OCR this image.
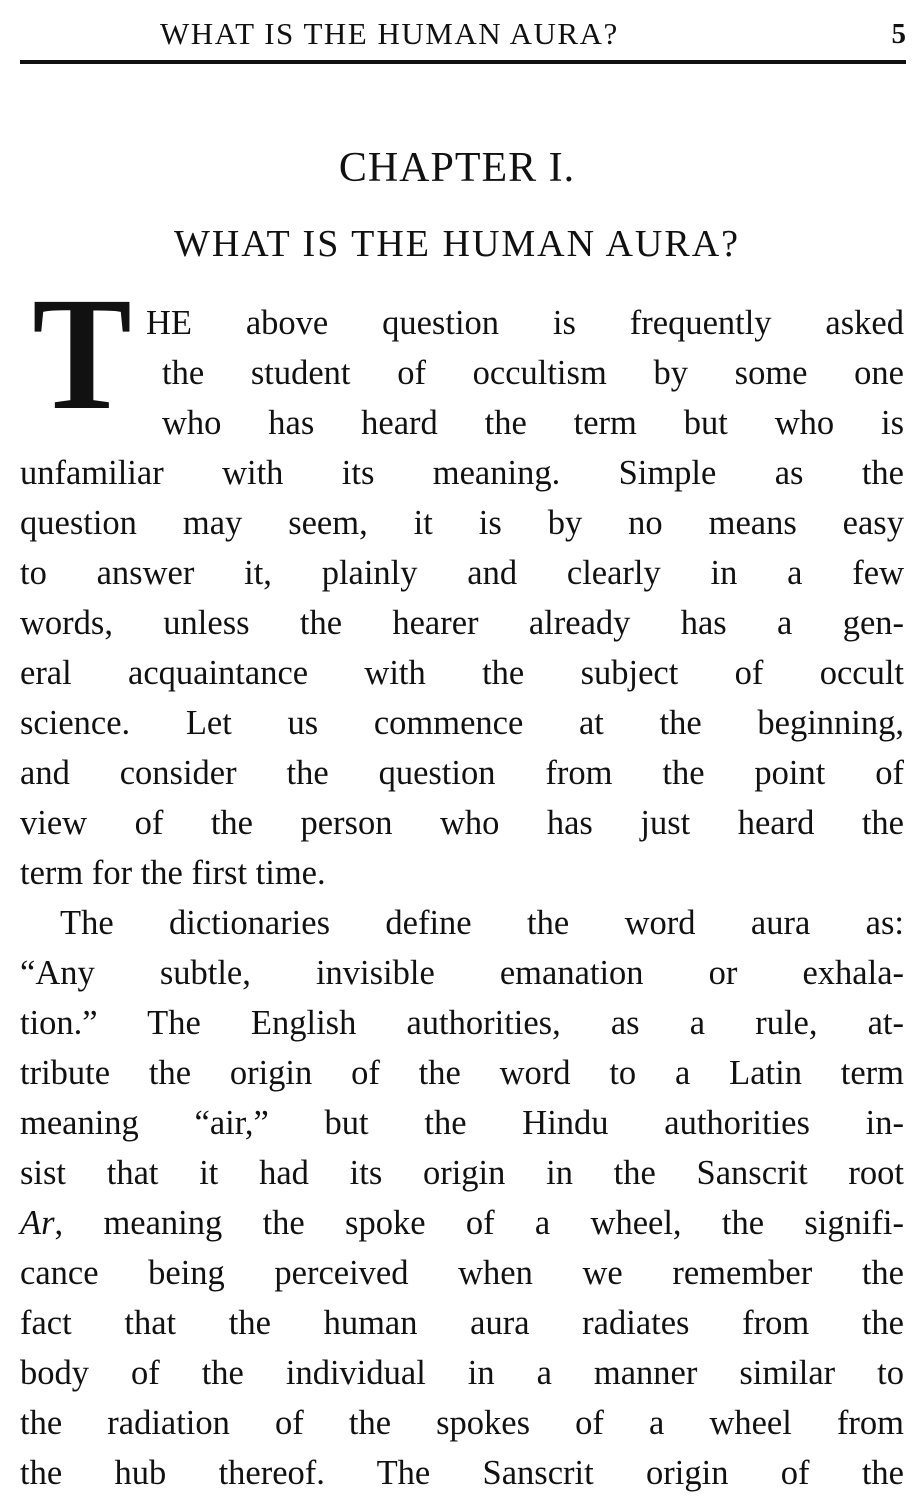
WHAT IS THE HUMAN AURA?	5
CHAPTER I.
WHAT IS THE HUMAN AURA?
T HE above question is frequently asked
the student of occultism by some one
who has heard the term but who is
unfamiliar with its meaning. Simple as the
question may seem, it is by no means easy
to answer it, plainly and clearly in a few
words, unless the hearer already has a gen-
eral acquaintance with the subject of occult
science. Let us commence at the beginning,
and consider the question from the point of
view of the person who has just heard the
term for the first time.
The dictionaries define the word aura as:
“Any subtle, invisible emanation or exhala-
tion.” The English authorities, as a rule, at-
tribute the origin of the word to a Latin term
meaning “air,” but the Hindu authorities in-
sist that it had its origin in the Sanscrit root
Ar, meaning the spoke of a wheel, the signifi-
cance being perceived when we remember the
fact that the human aura radiates from the
body of the individual in a manner similar to
the radiation of the spokes of a wheel from
the hub thereof. The Sanscrit origin of the
